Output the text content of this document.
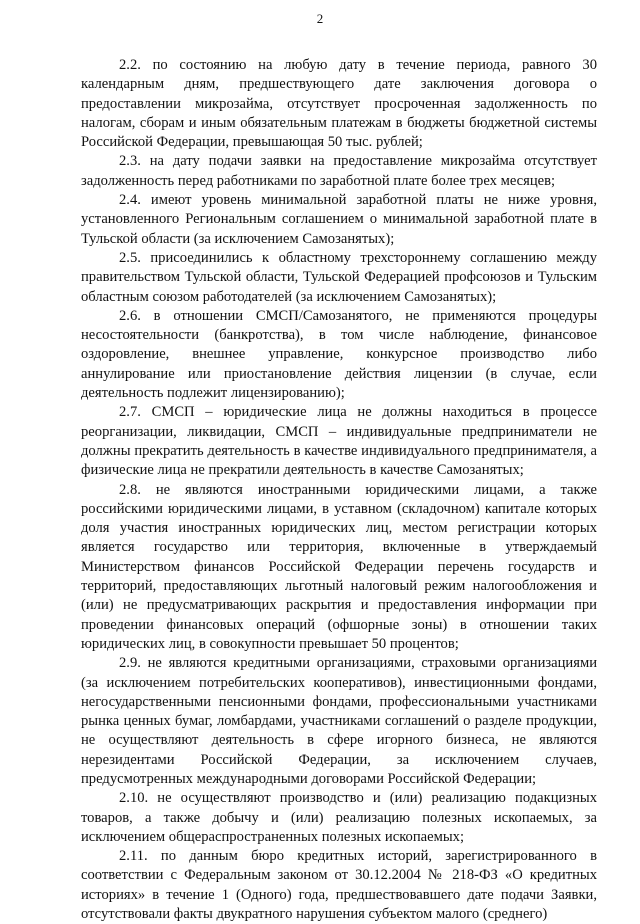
2

2.2. по состоянию на любую дату в течение периода, равного 30 календарным дням, предшествующего дате заключения договора о предоставлении микрозайма, отсутствует просроченная задолженность по налогам, сборам и иным обязательным платежам в бюджеты бюджетной системы Российской Федерации, превышающая 50 тыс. рублей;

2.3. на дату подачи заявки на предоставление микрозайма отсутствует задолженность перед работниками по заработной плате более трех месяцев;

2.4. имеют уровень минимальной заработной платы не ниже уровня, установленного Региональным соглашением о минимальной заработной плате в Тульской области (за исключением Самозанятых);

2.5. присоединились к областному трехстороннему соглашению между правительством Тульской области, Тульской Федерацией профсоюзов и Тульским областным союзом работодателей (за исключением Самозанятых);

2.6. в отношении СМСП/Самозанятого, не применяются процедуры несостоятельности (банкротства), в том числе наблюдение, финансовое оздоровление, внешнее управление, конкурсное производство либо аннулирование или приостановление действия лицензии (в случае, если деятельность подлежит лицензированию);

2.7. СМСП – юридические лица не должны находиться в процессе реорганизации, ликвидации, СМСП – индивидуальные предприниматели не должны прекратить деятельность в качестве индивидуального предпринимателя, а физические лица не прекратили деятельность в качестве Самозанятых;

2.8. не являются иностранными юридическими лицами, а также российскими юридическими лицами, в уставном (складочном) капитале которых доля участия иностранных юридических лиц, местом регистрации которых является государство или территория, включенные в утверждаемый Министерством финансов Российской Федерации перечень государств и территорий, предоставляющих льготный налоговый режим налогообложения и (или) не предусматривающих раскрытия и предоставления информации при проведении финансовых операций (офшорные зоны) в отношении таких юридических лиц, в совокупности превышает 50 процентов;

2.9. не являются кредитными организациями, страховыми организациями (за исключением потребительских кооперативов), инвестиционными фондами, негосударственными пенсионными фондами, профессиональными участниками рынка ценных бумаг, ломбардами, участниками соглашений о разделе продукции, не осуществляют деятельность в сфере игорного бизнеса, не являются нерезидентами Российской Федерации, за исключением случаев, предусмотренных международными договорами Российской Федерации;

2.10. не осуществляют производство и (или) реализацию подакцизных товаров, а также добычу и (или) реализацию полезных ископаемых, за исключением общераспространенных полезных ископаемых;

2.11. по данным бюро кредитных историй, зарегистрированного в соответствии с Федеральным законом от 30.12.2004 № 218-ФЗ «О кредитных историях» в течение 1 (Одного) года, предшествовавшего дате подачи Заявки, отсутствовали факты двукратного нарушения субъектом малого (среднего)
